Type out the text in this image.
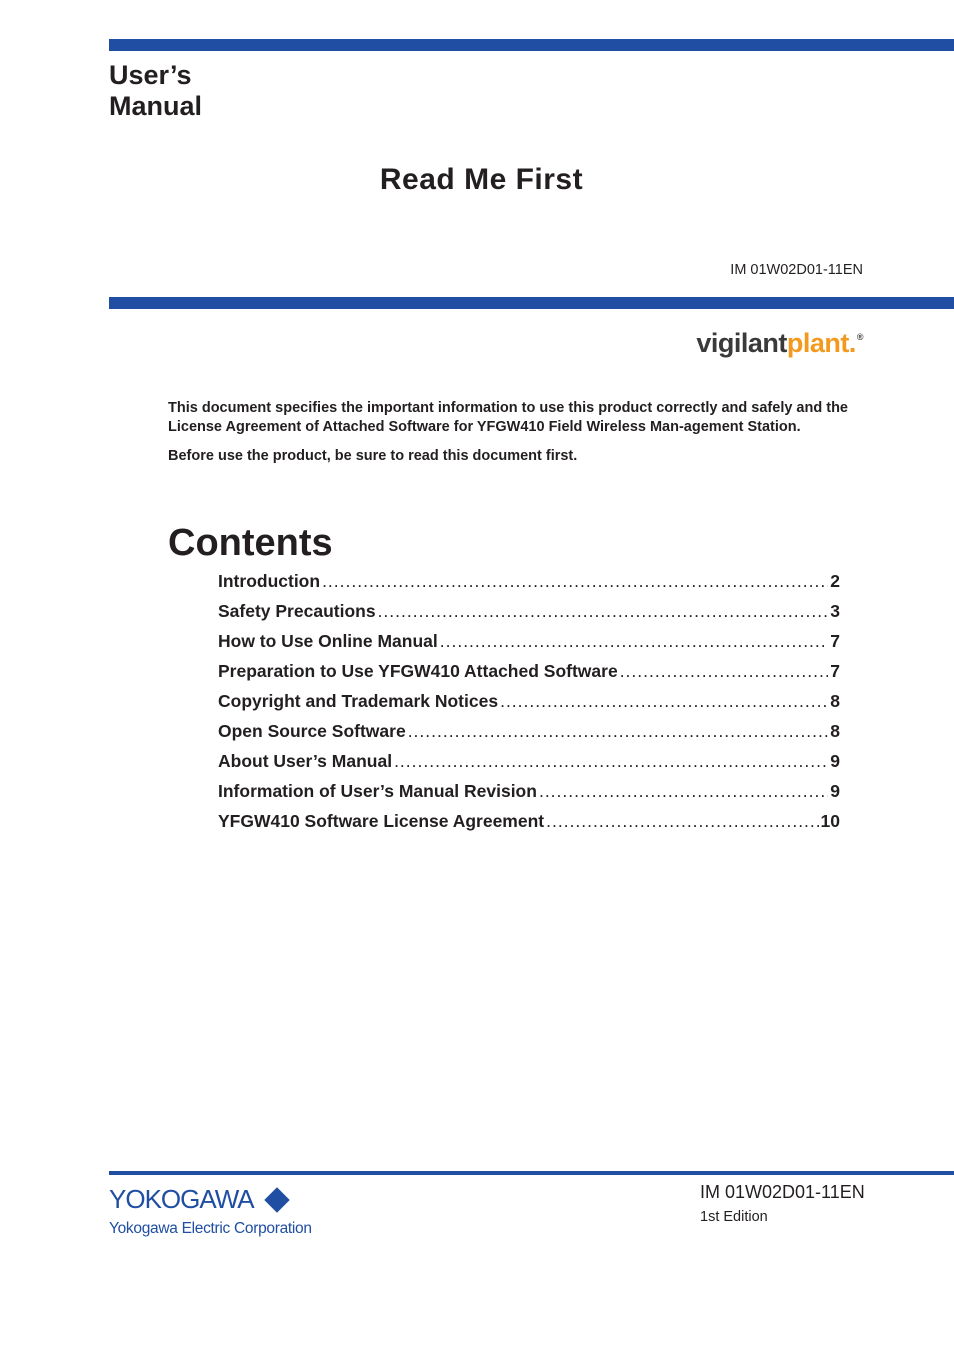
User’s
Manual
Read Me First
IM 01W02D01-11EN
vigilantplant.®

This document specifies the important information to use this product correctly and safely and the License Agreement of Attached Software for YFGW410 Field Wireless Man-agement Station.

Before use the product, be sure to read this document first.

Contents
Introduction .....	2
Safety Precautions .....	3
How to Use Online Manual .....	7
Preparation to Use YFGW410 Attached Software .....	7
Copyright and Trademark Notices .....	8
Open Source Software .....	8
About User’s Manual .....	9
Information of User’s Manual Revision .....	9
YFGW410 Software License Agreement .....	10
YOKOGAWA
Yokogawa Electric Corporation
IM 01W02D01-11EN
1st Edition
